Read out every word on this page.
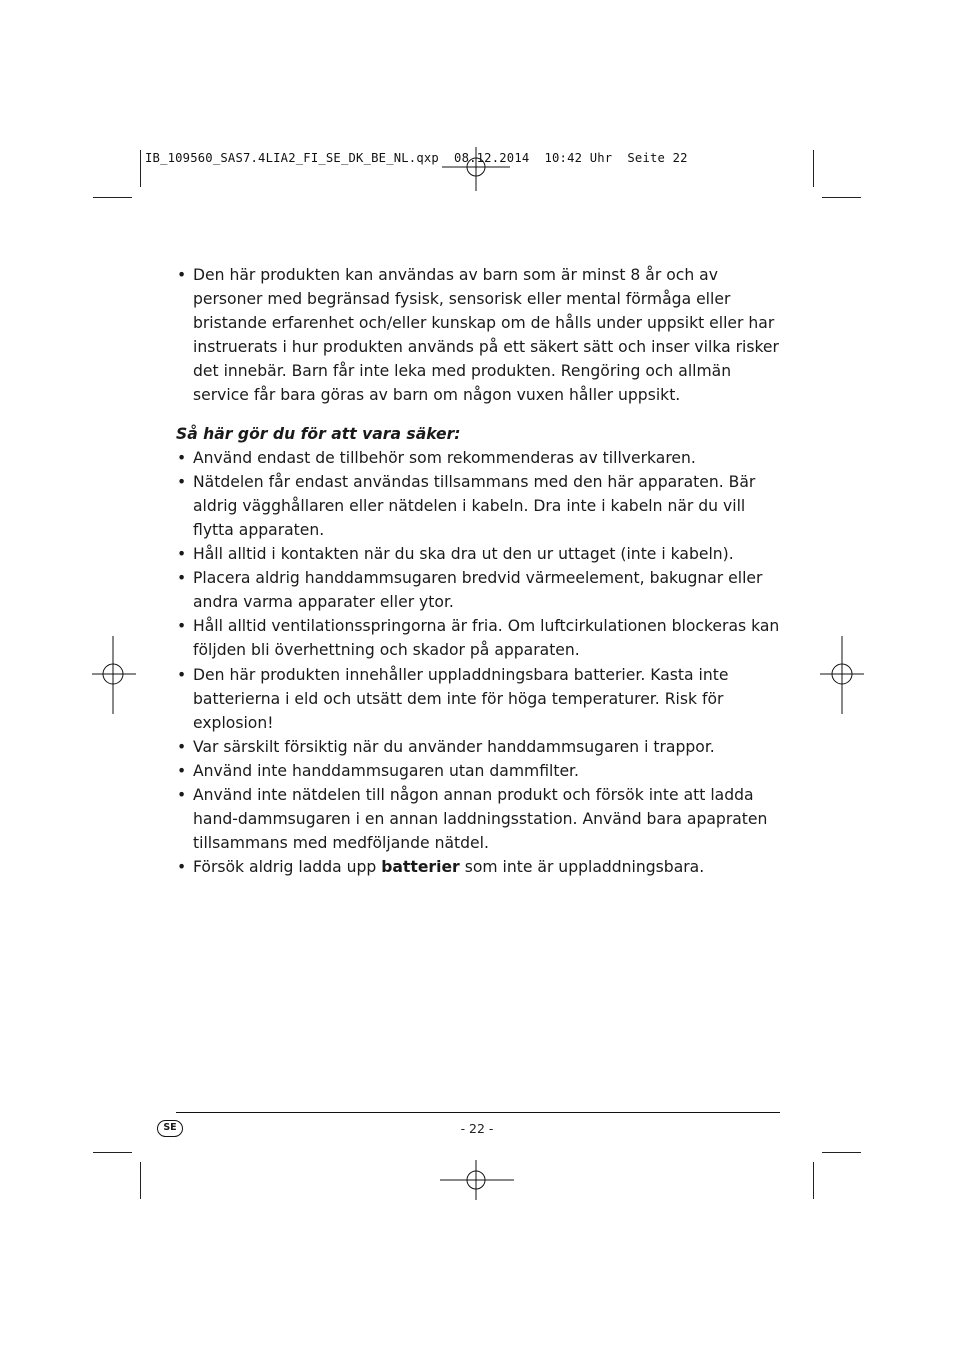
IB_109560_SAS7.4LIA2_FI_SE_DK_BE_NL.qxp  08.12.2014  10:42 Uhr  Seite 22
• Den här produkten kan användas av barn som är minst 8 år och av personer med begränsad fysisk, sensorisk eller mental förmåga eller bristande erfarenhet och/eller kunskap om de hålls under uppsikt eller har instruerats i hur produkten används på ett säkert sätt och inser vilka risker det innebär. Barn får inte leka med produkten. Rengöring och allmän service får bara göras av barn om någon vuxen håller uppsikt.
Så här gör du för att vara säker:
• Använd endast de tillbehör som rekommenderas av tillverkaren.
• Nätdelen får endast användas tillsammans med den här apparaten. Bär aldrig vägghållaren eller nätdelen i kabeln. Dra inte i kabeln när du vill flytta apparaten.
• Håll alltid i kontakten när du ska dra ut den ur uttaget (inte i kabeln).
• Placera aldrig handdammsugaren bredvid värmeelement, bakugnar eller andra varma apparater eller ytor.
• Håll alltid ventilationsspringorna är fria. Om luftcirkulationen blockeras kan följden bli överhettning och skador på apparaten.
• Den här produkten innehåller uppladdningsbara batterier. Kasta inte batterierna i eld och utsätt dem inte för höga temperaturer. Risk för explosion!
• Var särskilt försiktig när du använder handdammsugaren i trappor.
• Använd inte handdammsugaren utan dammfilter.
• Använd inte nätdelen till någon annan produkt och försök inte att ladda hand-dammsugaren i en annan laddningsstation. Använd bara apapraten tillsammans med medföljande nätdel.
• Försök aldrig ladda upp batterier som inte är uppladdningsbara.
SE	- 22 -
